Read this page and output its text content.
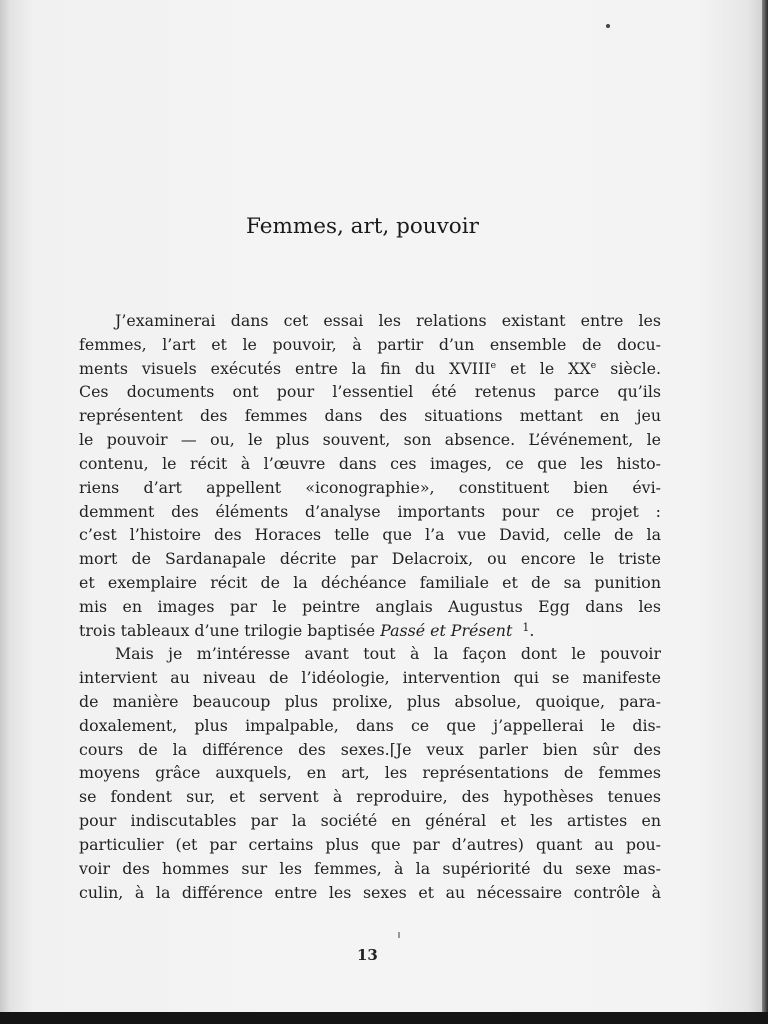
Femmes, art, pouvoir
J’examinerai dans cet essai les relations existant entre les
femmes, l’art et le pouvoir, à partir d’un ensemble de docu-
ments visuels exécutés entre la fin du XVIIIe et le XXe siècle.
Ces documents ont pour l’essentiel été retenus parce qu’ils
représentent des femmes dans des situations mettant en jeu
le pouvoir — ou, le plus souvent, son absence. L’événement, le
contenu, le récit à l’œuvre dans ces images, ce que les histo-
riens d’art appellent «iconographie», constituent bien évi-
demment des éléments d’analyse importants pour ce projet :
c’est l’histoire des Horaces telle que l’a vue David, celle de la
mort de Sardanapale décrite par Delacroix, ou encore le triste
et exemplaire récit de la déchéance familiale et de sa punition
mis en images par le peintre anglais Augustus Egg dans les
trois tableaux d’une trilogie baptisée Passé et Présent $^1$.
Mais je m’intéresse avant tout à la façon dont le pouvoir
intervient au niveau de l’idéologie, intervention qui se manifeste
de manière beaucoup plus prolixe, plus absolue, quoique, para-
doxalement, plus impalpable, dans ce que j’appellerai le dis-
cours de la différence des sexes.⌈Je veux parler bien sûr des
moyens grâce auxquels, en art, les représentations de femmes
se fondent sur, et servent à reproduire, des hypothèses tenues
pour indiscutables par la société en général et les artistes en
particulier (et par certains plus que par d’autres) quant au pou-
voir des hommes sur les femmes, à la supériorité du sexe mas-
culin, à la différence entre les sexes et au nécessaire contrôle à

13
